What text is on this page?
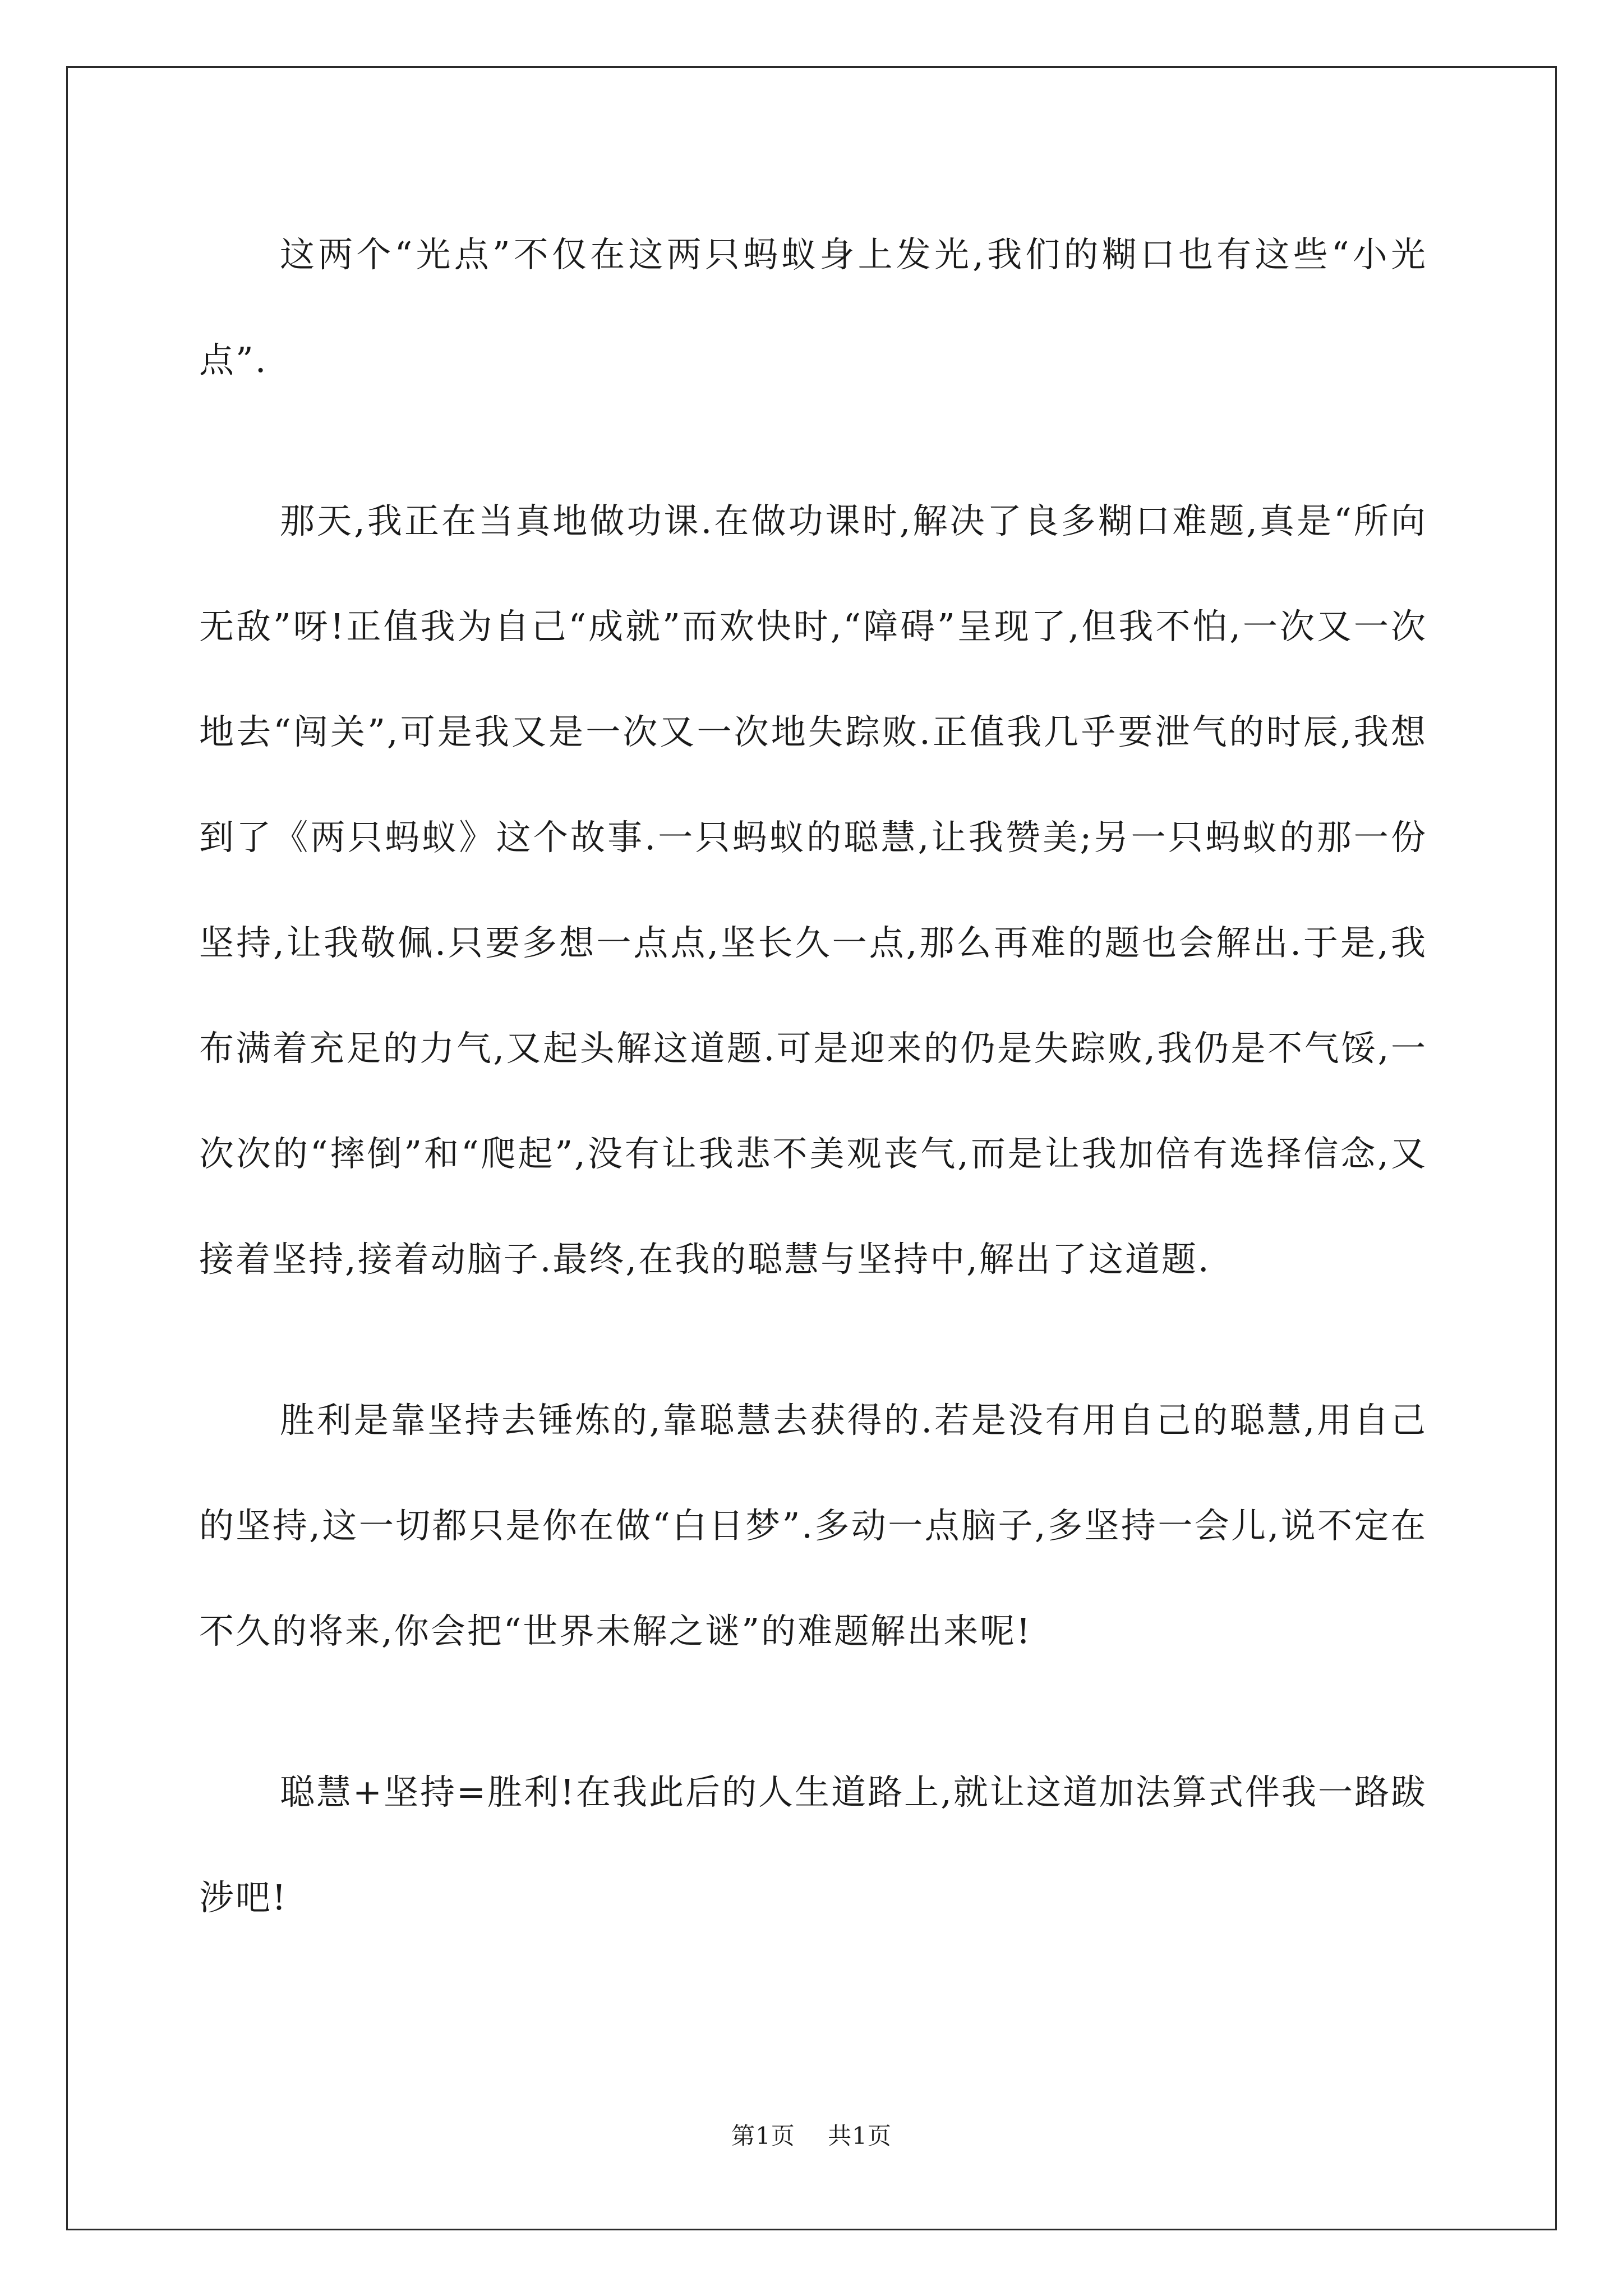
这两个“光点”不仅在这两只蚂蚁身上发光,我们的糊口也有这些“小光点”.

那天,我正在当真地做功课.在做功课时,解决了良多糊口难题,真是“所向无敌”呀!正值我为自己“成就”而欢快时,“障碍”呈现了,但我不怕,一次又一次地去“闯关”,可是我又是一次又一次地失踪败.正值我几乎要泄气的时辰,我想到了《两只蚂蚁》这个故事.一只蚂蚁的聪慧,让我赞美;另一只蚂蚁的那一份坚持,让我敬佩.只要多想一点点,坚长久一点,那么再难的题也会解出.于是,我布满着充足的力气,又起头解这道题.可是迎来的仍是失踪败,我仍是不气馁,一次次的“摔倒”和“爬起”,没有让我悲不美观丧气,而是让我加倍有选择信念,又接着坚持,接着动脑子.最终,在我的聪慧与坚持中,解出了这道题.

胜利是靠坚持去锤炼的,靠聪慧去获得的.若是没有用自己的聪慧,用自己的坚持,这一切都只是你在做“白日梦”.多动一点脑子,多坚持一会儿,说不定在不久的将来,你会把“世界未解之谜”的难题解出来呢!

聪慧+坚持=胜利!在我此后的人生道路上,就让这道加法算式伴我一路跋涉吧!

第1页 共1页
